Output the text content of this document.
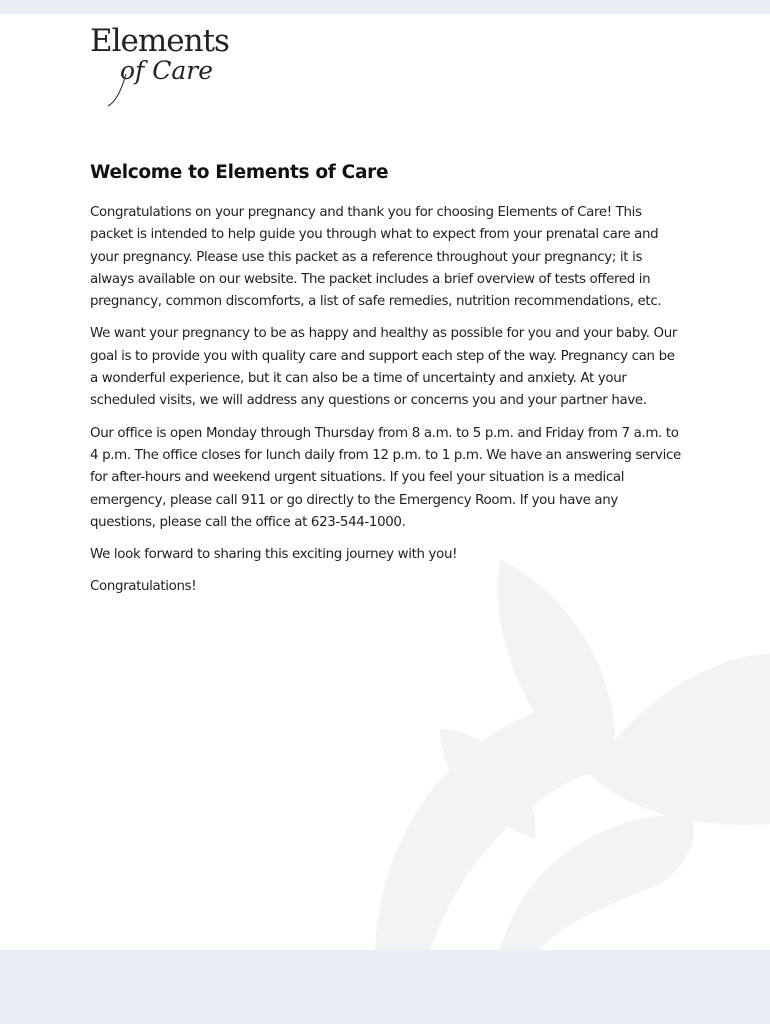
Elements
of Care
Welcome to Elements of Care

Congratulations on your pregnancy and thank you for choosing Elements of Care! This packet is intended to help guide you through what to expect from your prenatal care and your pregnancy. Please use this packet as a reference throughout your pregnancy; it is always available on our website. The packet includes a brief overview of tests offered in pregnancy, common discomforts, a list of safe remedies, nutrition recommendations, etc.

We want your pregnancy to be as happy and healthy as possible for you and your baby. Our goal is to provide you with quality care and support each step of the way. Pregnancy can be a wonderful experience, but it can also be a time of uncertainty and anxiety. At your scheduled visits, we will address any questions or concerns you and your partner have.

Our office is open Monday through Thursday from 8 a.m. to 5 p.m. and Friday from 7 a.m. to 4 p.m. The office closes for lunch daily from 12 p.m. to 1 p.m. We have an answering service for after-hours and weekend urgent situations. If you feel your situation is a medical emergency, please call 911 or go directly to the Emergency Room. If you have any questions, please call the office at 623-544-1000.

We look forward to sharing this exciting journey with you!

Congratulations!
